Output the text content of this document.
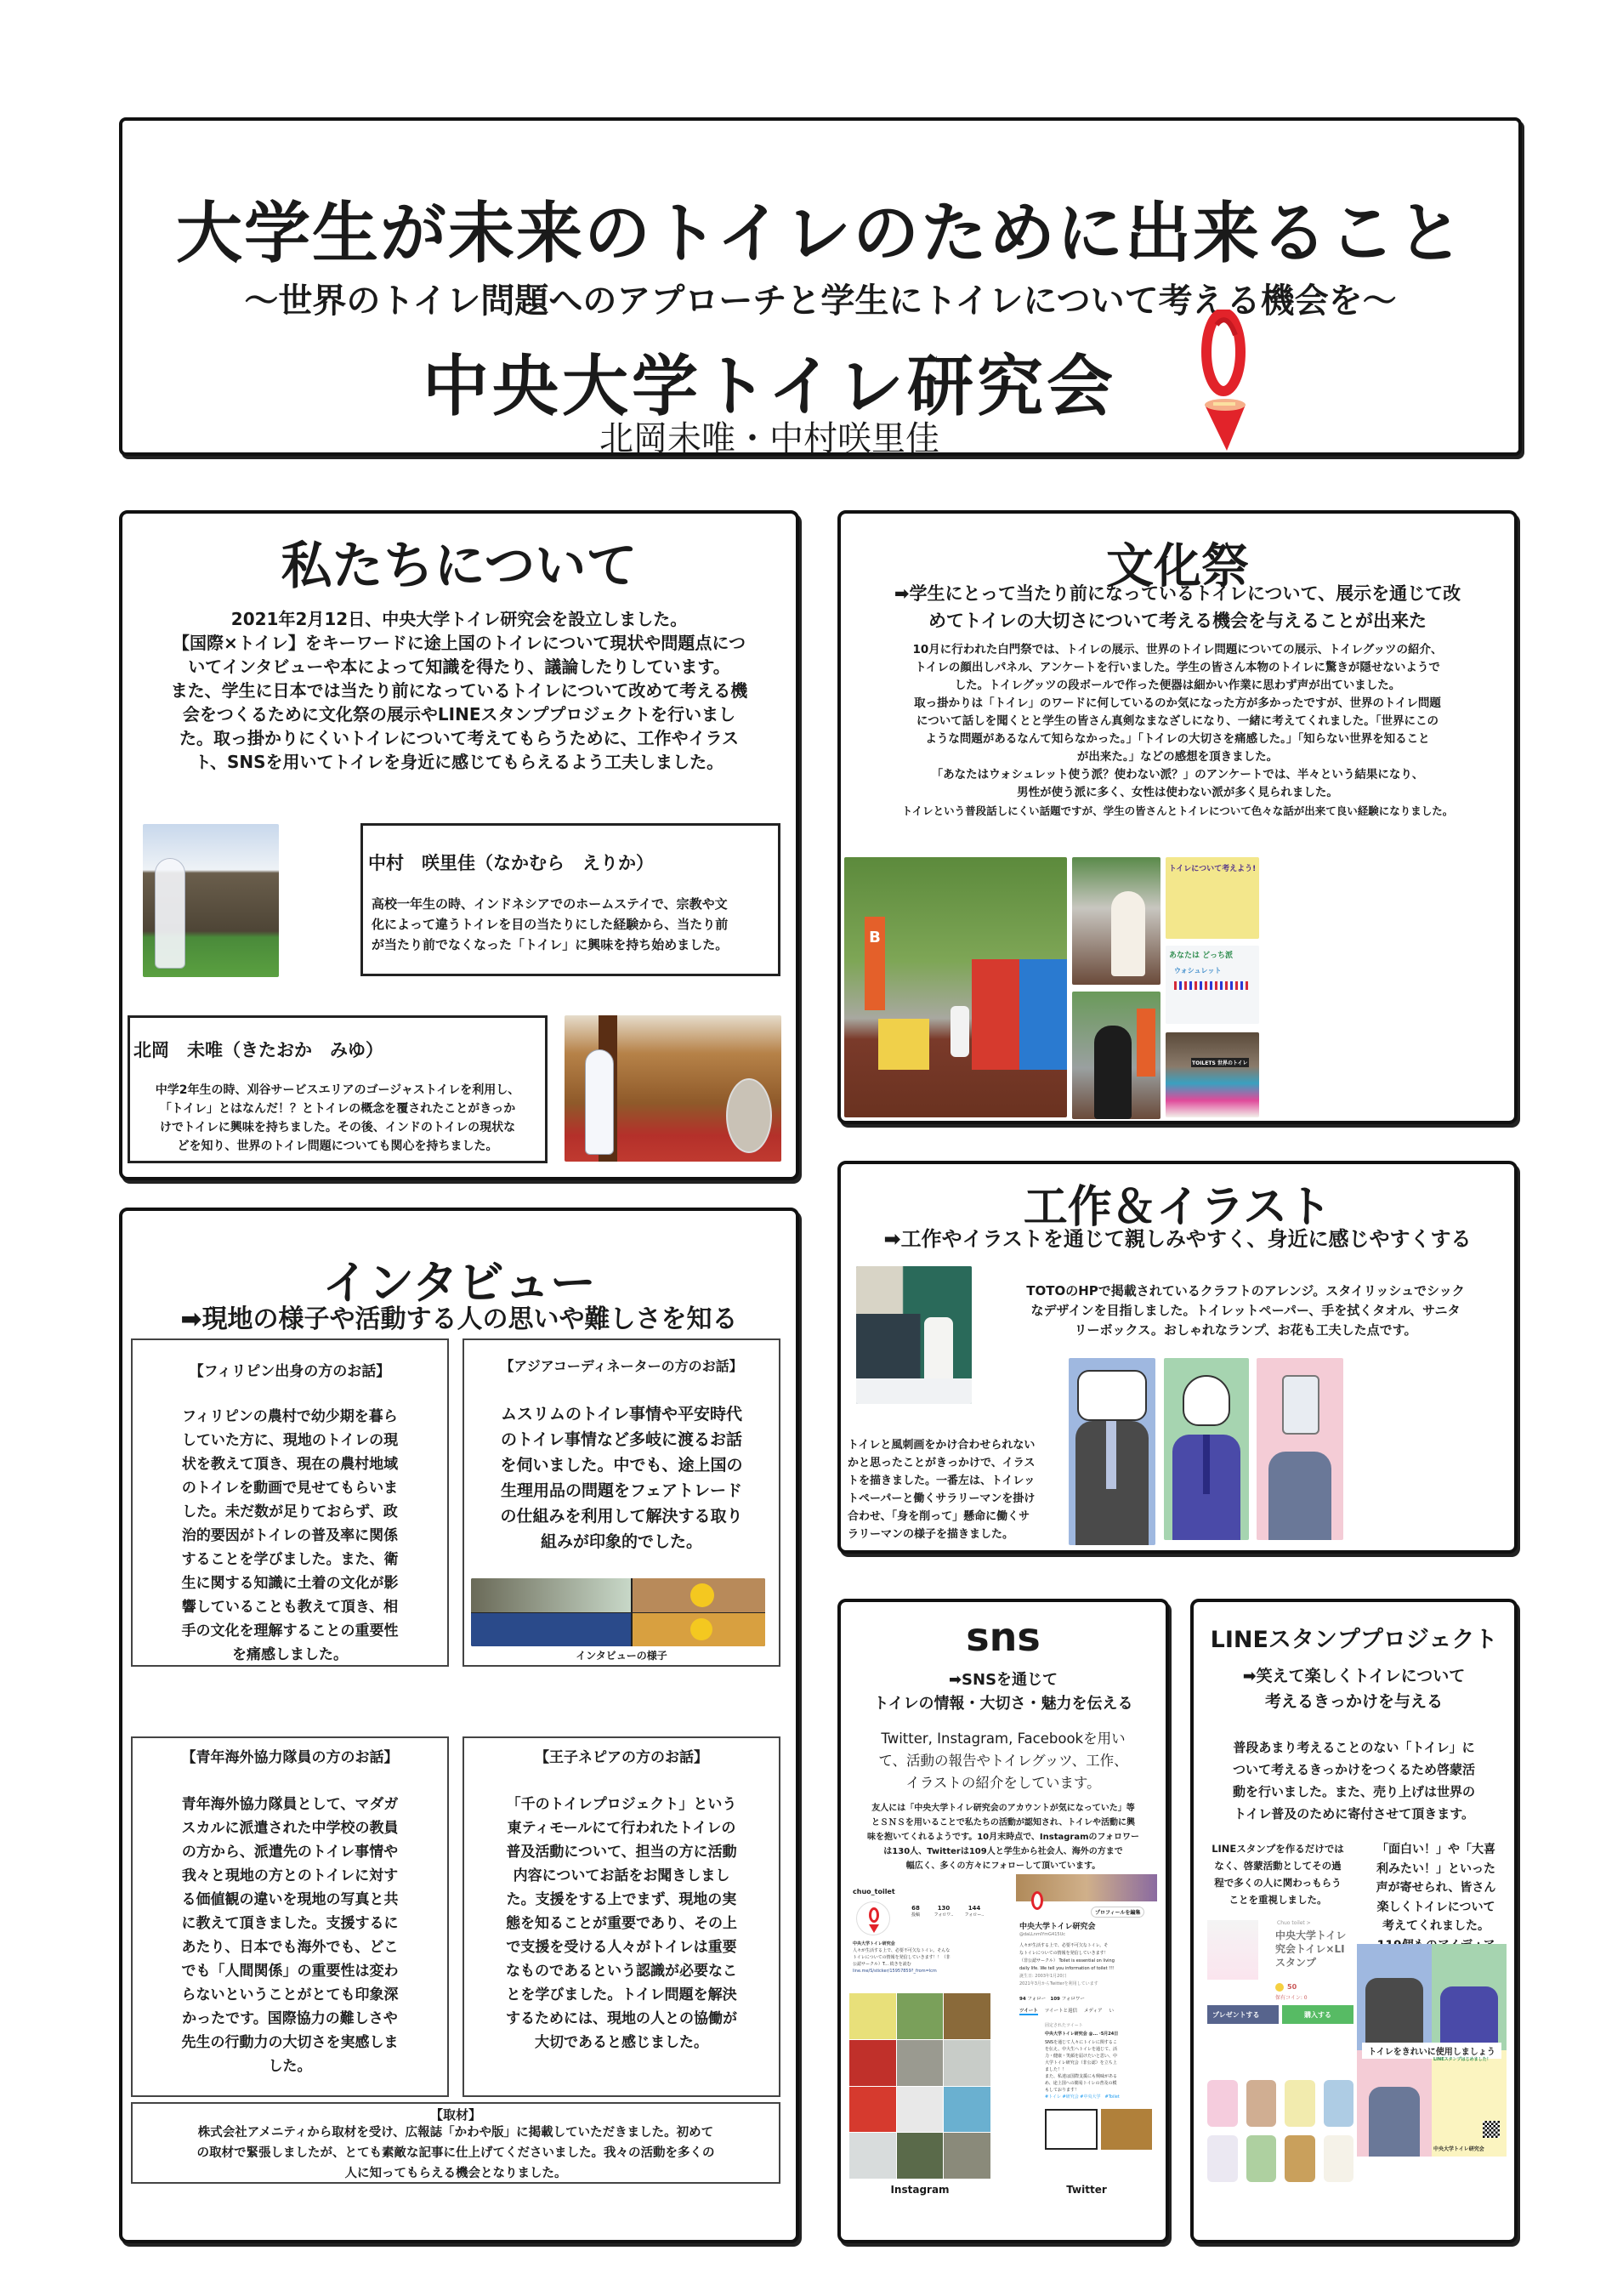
大学生が未来のトイレのために出来ること
〜世界のトイレ問題へのアプローチと学生にトイレについて考える機会を〜
中央大学トイレ研究会
北岡未唯・中村咲里佳
私たちについて
2021年2月12日、中央大学トイレ研究会を設立しました。
【国際×トイレ】をキーワードに途上国のトイレについて現状や問題点につ
いてインタビューや本によって知識を得たり、議論したりしています。
また、学生に日本では当たり前になっているトイレについて改めて考える機
会をつくるために文化祭の展示やLINEスタンププロジェクトを行いまし
た。取っ掛かりにくいトイレについて考えてもらうために、工作やイラス
ト、SNSを用いてトイレを身近に感じてもらえるよう工夫しました。
中村　咲里佳（なかむら　えりか）
高校一年生の時、インドネシアでのホームステイで、宗教や文
化によって違うトイレを目の当たりにした経験から、当たり前
が当たり前でなくなった「トイレ」に興味を持ち始めました。
北岡　未唯（きたおか　みゆ）
中学2年生の時、刈谷サービスエリアのゴージャストイレを利用し、
「トイレ」とはなんだ！？とトイレの概念を覆されたことがきっか
けでトイレに興味を持ちました。その後、インドのトイレの現状な
どを知り、世界のトイレ問題についても関心を持ちました。
文化祭
➡学生にとって当たり前になっているトイレについて、展示を通じて改
めてトイレの大切さについて考える機会を与えることが出来た
10月に行われた白門祭では、トイレの展示、世界のトイレ問題についての展示、トイレグッツの紹介、
トイレの顔出しパネル、アンケートを行いました。学生の皆さん本物のトイレに驚きが隠せないようで
した。トイレグッツの段ボールで作った便器は細かい作業に思わず声が出ていました。
取っ掛かりは「トイレ」のワードに何しているのか気になった方が多かったですが、世界のトイレ問題
について話しを聞くとと学生の皆さん真剣なまなざしになり、一緒に考えてくれました。「世界にこの
ような問題があるなんて知らなかった。」「トイレの大切さを痛感した。」「知らない世界を知ること
が出来た。」などの感想を頂きました。
「あなたはウォシュレット使う派？使わない派？」のアンケートでは、半々という結果になり、
男性が使う派に多く、女性は使わない派が多く見られました。
トイレという普段話しにくい話題ですが、学生の皆さんとトイレについて色々な話が出来て良い経験になりました。
B
トイレについて考えよう!
あなたは どっち派
ウォシュレット
TOILETS 世界のトイレ
工作＆イラスト
➡工作やイラストを通じて親しみやすく、身近に感じやすくする
TOTOのHPで掲載されているクラフトのアレンジ。スタイリッシュでシック
なデザインを目指しました。トイレットペーパー、手を拭くタオル、サニタ
リーボックス。おしゃれなランプ、お花も工夫した点です。
トイレと風刺画をかけ合わせられない
かと思ったことがきっかけで、イラス
トを描きました。一番左は、トイレッ
トペーパーと働くサラリーマンを掛け
合わせ、「身を削って」懸命に働くサ
ラリーマンの様子を描きました。
インタビュー
➡現地の様子や活動する人の思いや難しさを知る
【フィリピン出身の方のお話】
フィリピンの農村で幼少期を暮ら
していた方に、現地のトイレの現
状を教えて頂き、現在の農村地域
のトイレを動画で見せてもらいま
した。未だ数が足りておらず、政
治的要因がトイレの普及率に関係
することを学びました。また、衛
生に関する知識に土着の文化が影
響していることも教えて頂き、相
手の文化を理解することの重要性
を痛感しました。
【アジアコーディネーターの方のお話】
ムスリムのトイレ事情や平安時代
のトイレ事情など多岐に渡るお話
を伺いました。中でも、途上国の
生理用品の問題をフェアトレード
の仕組みを利用して解決する取り
組みが印象的でした。
インタビューの様子
【青年海外協力隊員の方のお話】
青年海外協力隊員として、マダガ
スカルに派遣された中学校の教員
の方から、派遣先のトイレ事情や
我々と現地の方とのトイレに対す
る価値観の違いを現地の写真と共
に教えて頂きました。支援するに
あたり、日本でも海外でも、どこ
でも「人間関係」の重要性は変わ
らないということがとても印象深
かったです。国際協力の難しさや
先生の行動力の大切さを実感しま
した。
【王子ネピアの方のお話】
「千のトイレプロジェクト」という
東ティモールにて行われたトイレの
普及活動について、担当の方に活動
内容についてお話をお聞きしまし
た。支援をする上でまず、現地の実
態を知ることが重要であり、その上
で支援を受ける人々がトイレは重要
なものであるという認識が必要なこ
とを学びました。トイレ問題を解決
するためには、現地の人との協働が
大切であると感じました。
【取材】
株式会社アメニティから取材を受け、広報誌「かわや版」に掲載していただきました。初めて
の取材で緊張しましたが、とても素敵な記事に仕上げてくださいました。我々の活動を多くの
人に知ってもらえる機会となりました。
sns
➡SNSを通じて
トイレの情報・大切さ・魅力を伝える
Twitter, Instagram, Facebookを用い
て、活動の報告やトイレグッツ、工作、
イラストの紹介をしています。
友人には「中央大学トイレ研究会のアカウントが気になっていた」等
とＳＮＳを用いることで私たちの活動が認知され、トイレや活動に興
味を抱いてくれるようです。10月末時点で、Instagramのフォロワー
は130人、Twitterは109人と学生から社会人、海外の方まで
幅広く、多くの方々にフォローして頂いています。
chuo_toilet
68
投稿
130
フォロワ..
144
フォロー..
中央大学トイレ研究会
人々が生活する上で、必要不可欠なトイレ。そんな
トイレについての情報を発信していきます！！（非
公認サークル）T... 続きを読む
line.me/S/sticker/15957859?_from=lcm
Instagram
プロフィールを編集
中央大学トイレ研究会
@daLLnmlYmG415Uc
人々が生活する上で、必要不可欠なトイレ。そ
なトイレについての情報を発信していきます！
（非公認サークル） Toilet is essential on living
daily life. We tell you information of toilet !!!
誕生日: 2003年1月20日
2021年3月からTwitterを利用しています
94 フォロー 109 フォロワー
ツイート ツイートと返信 メディア い
固定されたツイート
中央大学トイレ研究会 @... ·5月24日
SNSを通じて人々にトイレに関するこ
を伝え、中大生へトイレを通じて、活
力・健康・笑顔を届けたいと思い、中
大学トイレ研究会（非公認）を立ち上
ました！！
また、私達は国際支援にも興味がある
め、途上国への簡易トイレの普及の模
もしております！
#トイレ #研究会 #中央大学　#Toilet
Twitter
LINEスタンププロジェクト
➡笑えて楽しくトイレについて
考えるきっかけを与える
普段あまり考えることのない「トイレ」に
ついて考えるきっかけをつくるため啓蒙活
動を行いました。また、売り上げは世界の
トイレ普及のために寄付させて頂きます。
LINEスタンプを作るだけでは
なく、啓蒙活動としてその過
程で多くの人に関わっもらう
ことを重視しました。
「面白い！」や「大喜
利みたい！」といった
声が寄せられ、皆さん
楽しくトイレについて
考えてくれました。
Chuo toilet >
中央大学トイレ
究会トイレ×LI
スタンプ
50
保有コイン: 0
プレゼントする	購入する
トイレをきれいに使用しましょう
LINEスタンプはじめました！
中央大学トイレ研究会
